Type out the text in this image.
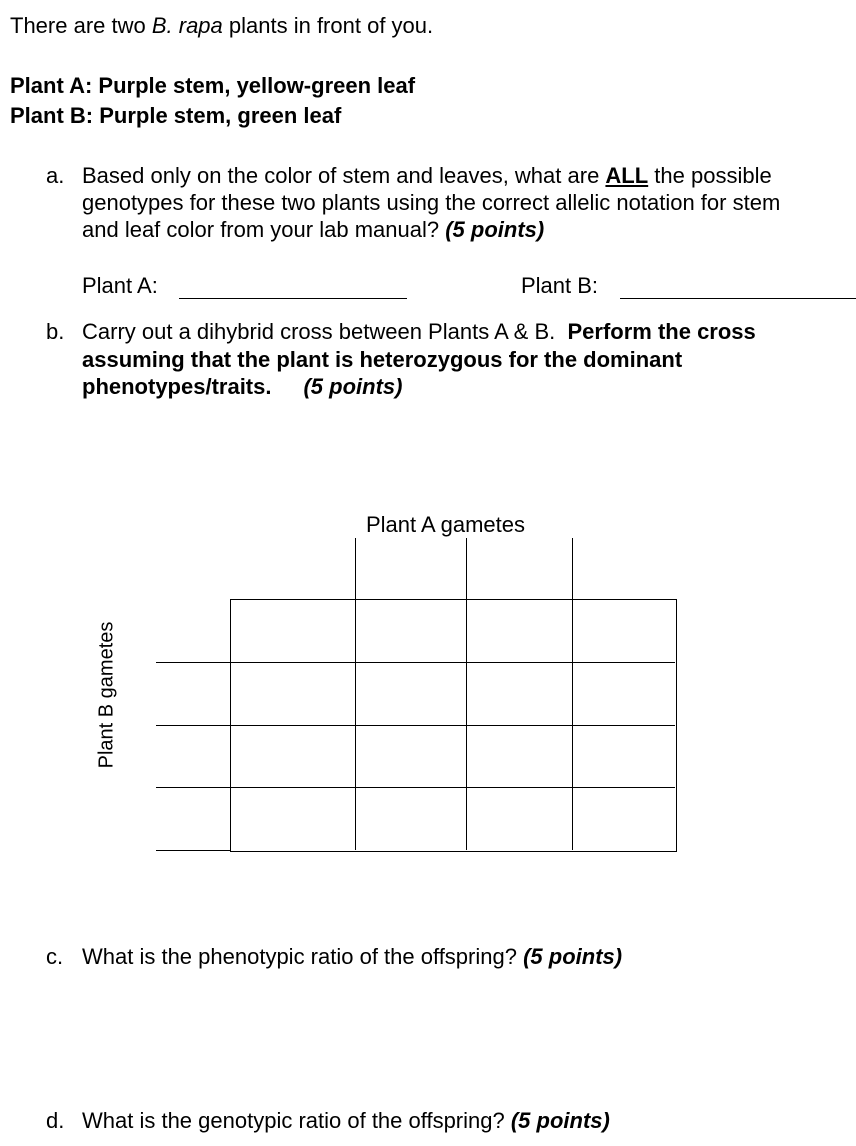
There are two B. rapa plants in front of you.
Plant A: Purple stem, yellow-green leaf
Plant B: Purple stem, green leaf
a. Based only on the color of stem and leaves, what are ALL the possible
genotypes for these two plants using the correct allelic notation for stem
and leaf color from your lab manual? (5 points)
Plant A:	Plant B:
b. Carry out a dihybrid cross between Plants A & B. Perform the cross
assuming that the plant is heterozygous for the dominant
phenotypes/traits. (5 points)
Plant A gametes
Plant B gametes
c. What is the phenotypic ratio of the offspring? (5 points)
d. What is the genotypic ratio of the offspring? (5 points)
